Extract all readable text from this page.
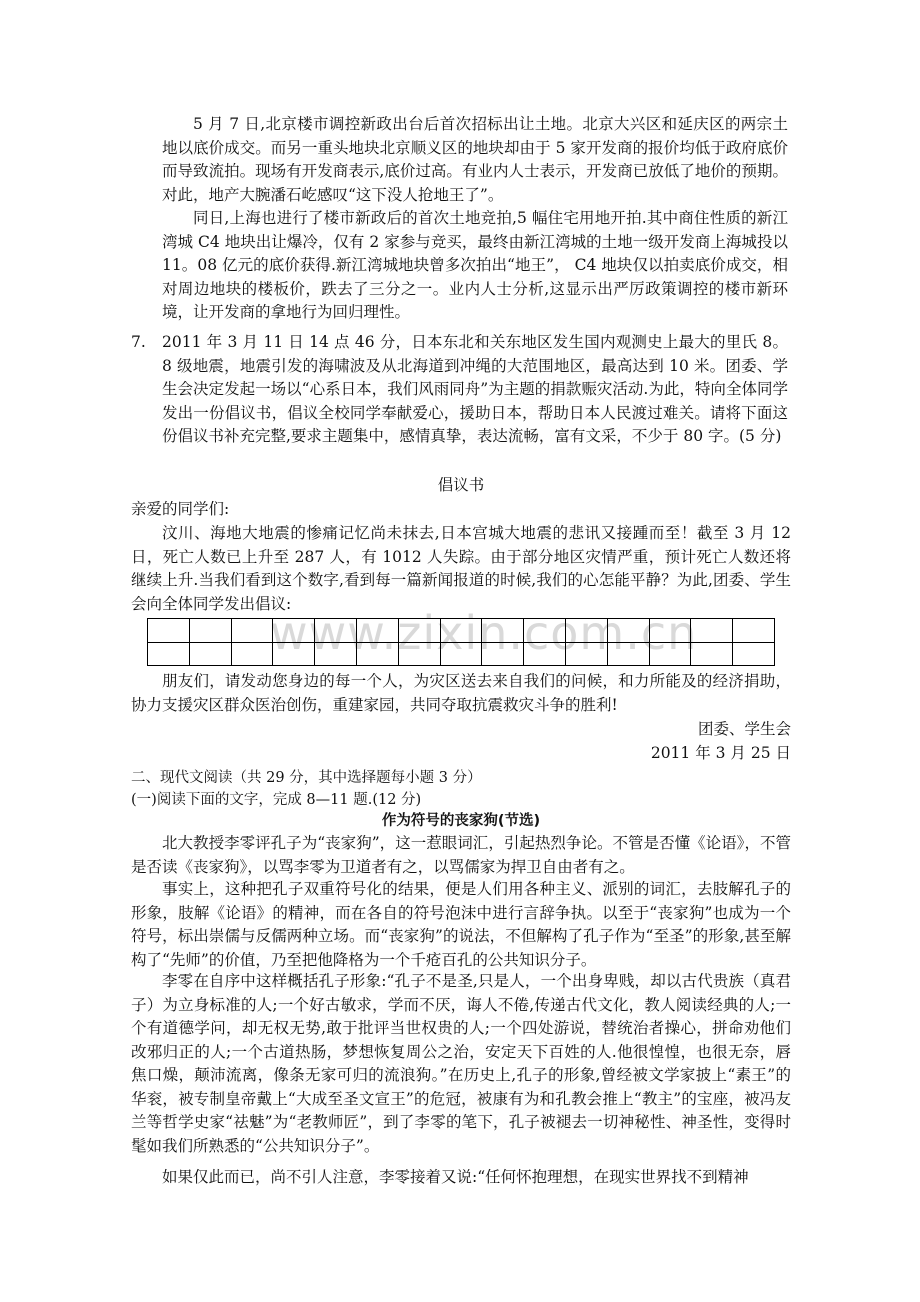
5 月 7 日,北京楼市调控新政出台后首次招标出让土地。北京大兴区和延庆区的两宗土地以底价成交。而另一重头地块北京顺义区的地块却由于 5 家开发商的报价均低于政府底价而导致流拍。现场有开发商表示,底价过高。有业内人士表示，开发商已放低了地价的预期。对此，地产大腕潘石屹感叹“这下没人抢地王了”。
同日,上海也进行了楼市新政后的首次土地竞拍,5 幅住宅用地开拍.其中商住性质的新江湾城 C4 地块出让爆冷，仅有 2 家参与竞买，最终由新江湾城的土地一级开发商上海城投以 11。08 亿元的底价获得.新江湾城地块曾多次拍出“地王”， C4 地块仅以拍卖底价成交，相对周边地块的楼板价，跌去了三分之一。业内人士分析,这显示出严厉政策调控的楼市新环境，让开发商的拿地行为回归理性。
7. 2011 年 3 月 11 日 14 点 46 分，日本东北和关东地区发生国内观测史上最大的里氏 8。8 级地震，地震引发的海啸波及从北海道到冲绳的大范围地区，最高达到 10 米。团委、学生会决定发起一场以“心系日本，我们风雨同舟”为主题的捐款赈灾活动.为此，特向全体同学发出一份倡议书，倡议全校同学奉献爱心，援助日本，帮助日本人民渡过难关。请将下面这份倡议书补充完整,要求主题集中，感情真挚，表达流畅，富有文采，不少于 80 字。(5 分)
倡议书
亲爱的同学们:
汶川、海地大地震的惨痛记忆尚未抹去,日本宫城大地震的悲讯又接踵而至！截至 3 月 12 日，死亡人数已上升至 287 人，有 1012 人失踪。由于部分地区灾情严重，预计死亡人数还将继续上升.当我们看到这个数字,看到每一篇新闻报道的时候,我们的心怎能平静？为此,团委、学生会向全体同学发出倡议:
www.zixin.com.cn

朋友们，请发动您身边的每一个人，为灾区送去来自我们的问候，和力所能及的经济捐助，协力支援灾区群众医治创伤，重建家园，共同夺取抗震救灾斗争的胜利!
团委、学生会
2011 年 3 月 25 日
二、现代文阅读（共 29 分，其中选择题每小题 3 分）
(一)阅读下面的文字，完成 8—11 题.(12 分)
作为符号的丧家狗(节选)
北大教授李零评孔子为“丧家狗”，这一惹眼词汇，引起热烈争论。不管是否懂《论语》，不管是否读《丧家狗》，以骂李零为卫道者有之，以骂儒家为捍卫自由者有之。
事实上，这种把孔子双重符号化的结果，便是人们用各种主义、派别的词汇，去肢解孔子的形象，肢解《论语》的精神，而在各自的符号泡沫中进行言辞争执。以至于“丧家狗”也成为一个符号，标出崇儒与反儒两种立场。而“丧家狗”的说法，不但解构了孔子作为“至圣”的形象,甚至解构了“先师”的价值，乃至把他降格为一个千疮百孔的公共知识分子。
李零在自序中这样概括孔子形象:“孔子不是圣,只是人，一个出身卑贱，却以古代贵族（真君子）为立身标准的人;一个好古敏求，学而不厌，诲人不倦,传递古代文化，教人阅读经典的人;一个有道德学问，却无权无势,敢于批评当世权贵的人;一个四处游说，替统治者操心，拼命劝他们改邪归正的人;一个古道热肠，梦想恢复周公之治，安定天下百姓的人.他很惶惶，也很无奈，唇焦口燥，颠沛流离，像条无家可归的流浪狗。”在历史上,孔子的形象,曾经被文学家披上“素王”的华衮，被专制皇帝戴上“大成至圣文宣王”的危冠，被康有为和孔教会推上“教主”的宝座，被冯友兰等哲学史家“祛魅”为“老教师匠”，到了李零的笔下，孔子被褪去一切神秘性、神圣性，变得时髦如我们所熟悉的“公共知识分子”。
如果仅此而已，尚不引人注意，李零接着又说:“任何怀抱理想，在现实世界找不到精神
